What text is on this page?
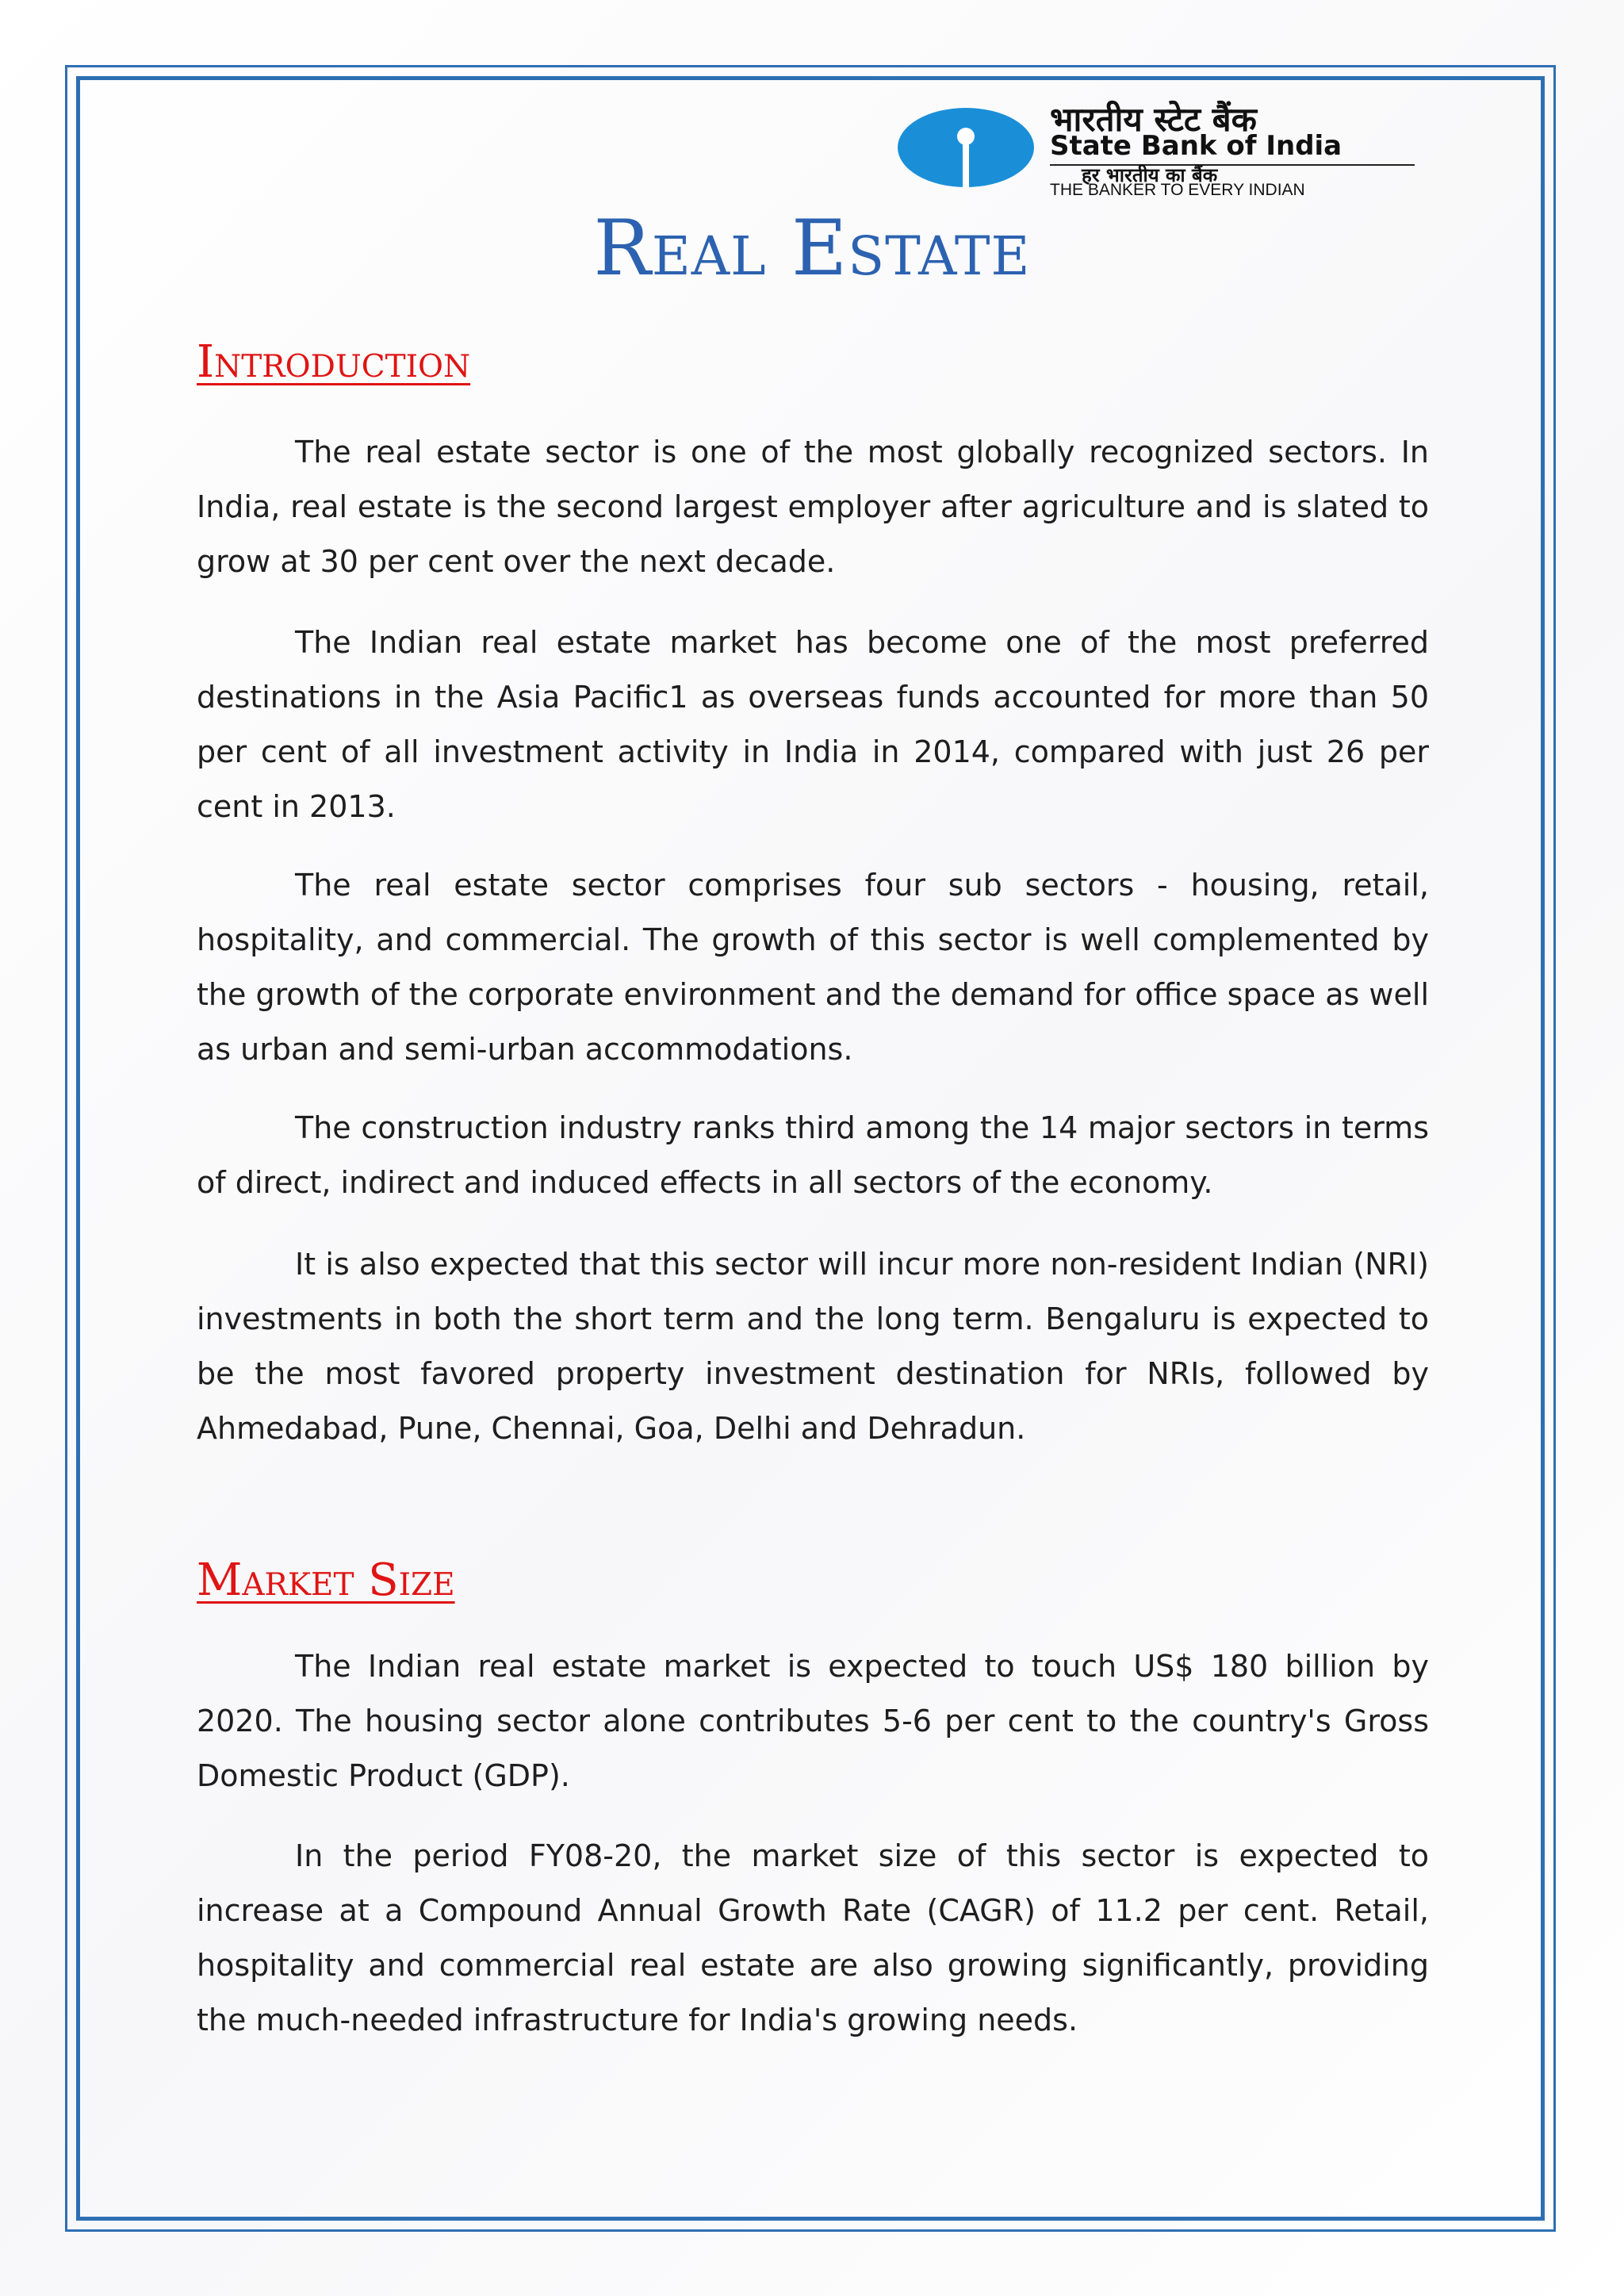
भारतीय स्टेट बैंक
State Bank of India
हर भारतीय का बैंक
THE BANKER TO EVERY INDIAN
Real Estate
Introduction

The real estate sector is one of the most globally recognized sectors. In India, real estate is the second largest employer after agriculture and is slated to grow at 30 per cent over the next decade.

The Indian real estate market has become one of the most preferred destinations in the Asia Pacific1 as overseas funds accounted for more than 50 per cent of all investment activity in India in 2014, compared with just 26 per cent in 2013.

The real estate sector comprises four sub sectors - housing, retail, hospitality, and commercial. The growth of this sector is well complemented by the growth of the corporate environment and the demand for office space as well as urban and semi-urban accommodations.

The construction industry ranks third among the 14 major sectors in terms of direct, indirect and induced effects in all sectors of the economy.

It is also expected that this sector will incur more non-resident Indian (NRI) investments in both the short term and the long term. Bengaluru is expected to be the most favored property investment destination for NRIs, followed by Ahmedabad, Pune, Chennai, Goa, Delhi and Dehradun.

Market Size

The Indian real estate market is expected to touch US$ 180 billion by 2020. The housing sector alone contributes 5-6 per cent to the country's Gross Domestic Product (GDP).

In the period FY08-20, the market size of this sector is expected to increase at a Compound Annual Growth Rate (CAGR) of 11.2 per cent. Retail, hospitality and commercial real estate are also growing significantly, providing the much-needed infrastructure for India's growing needs.
